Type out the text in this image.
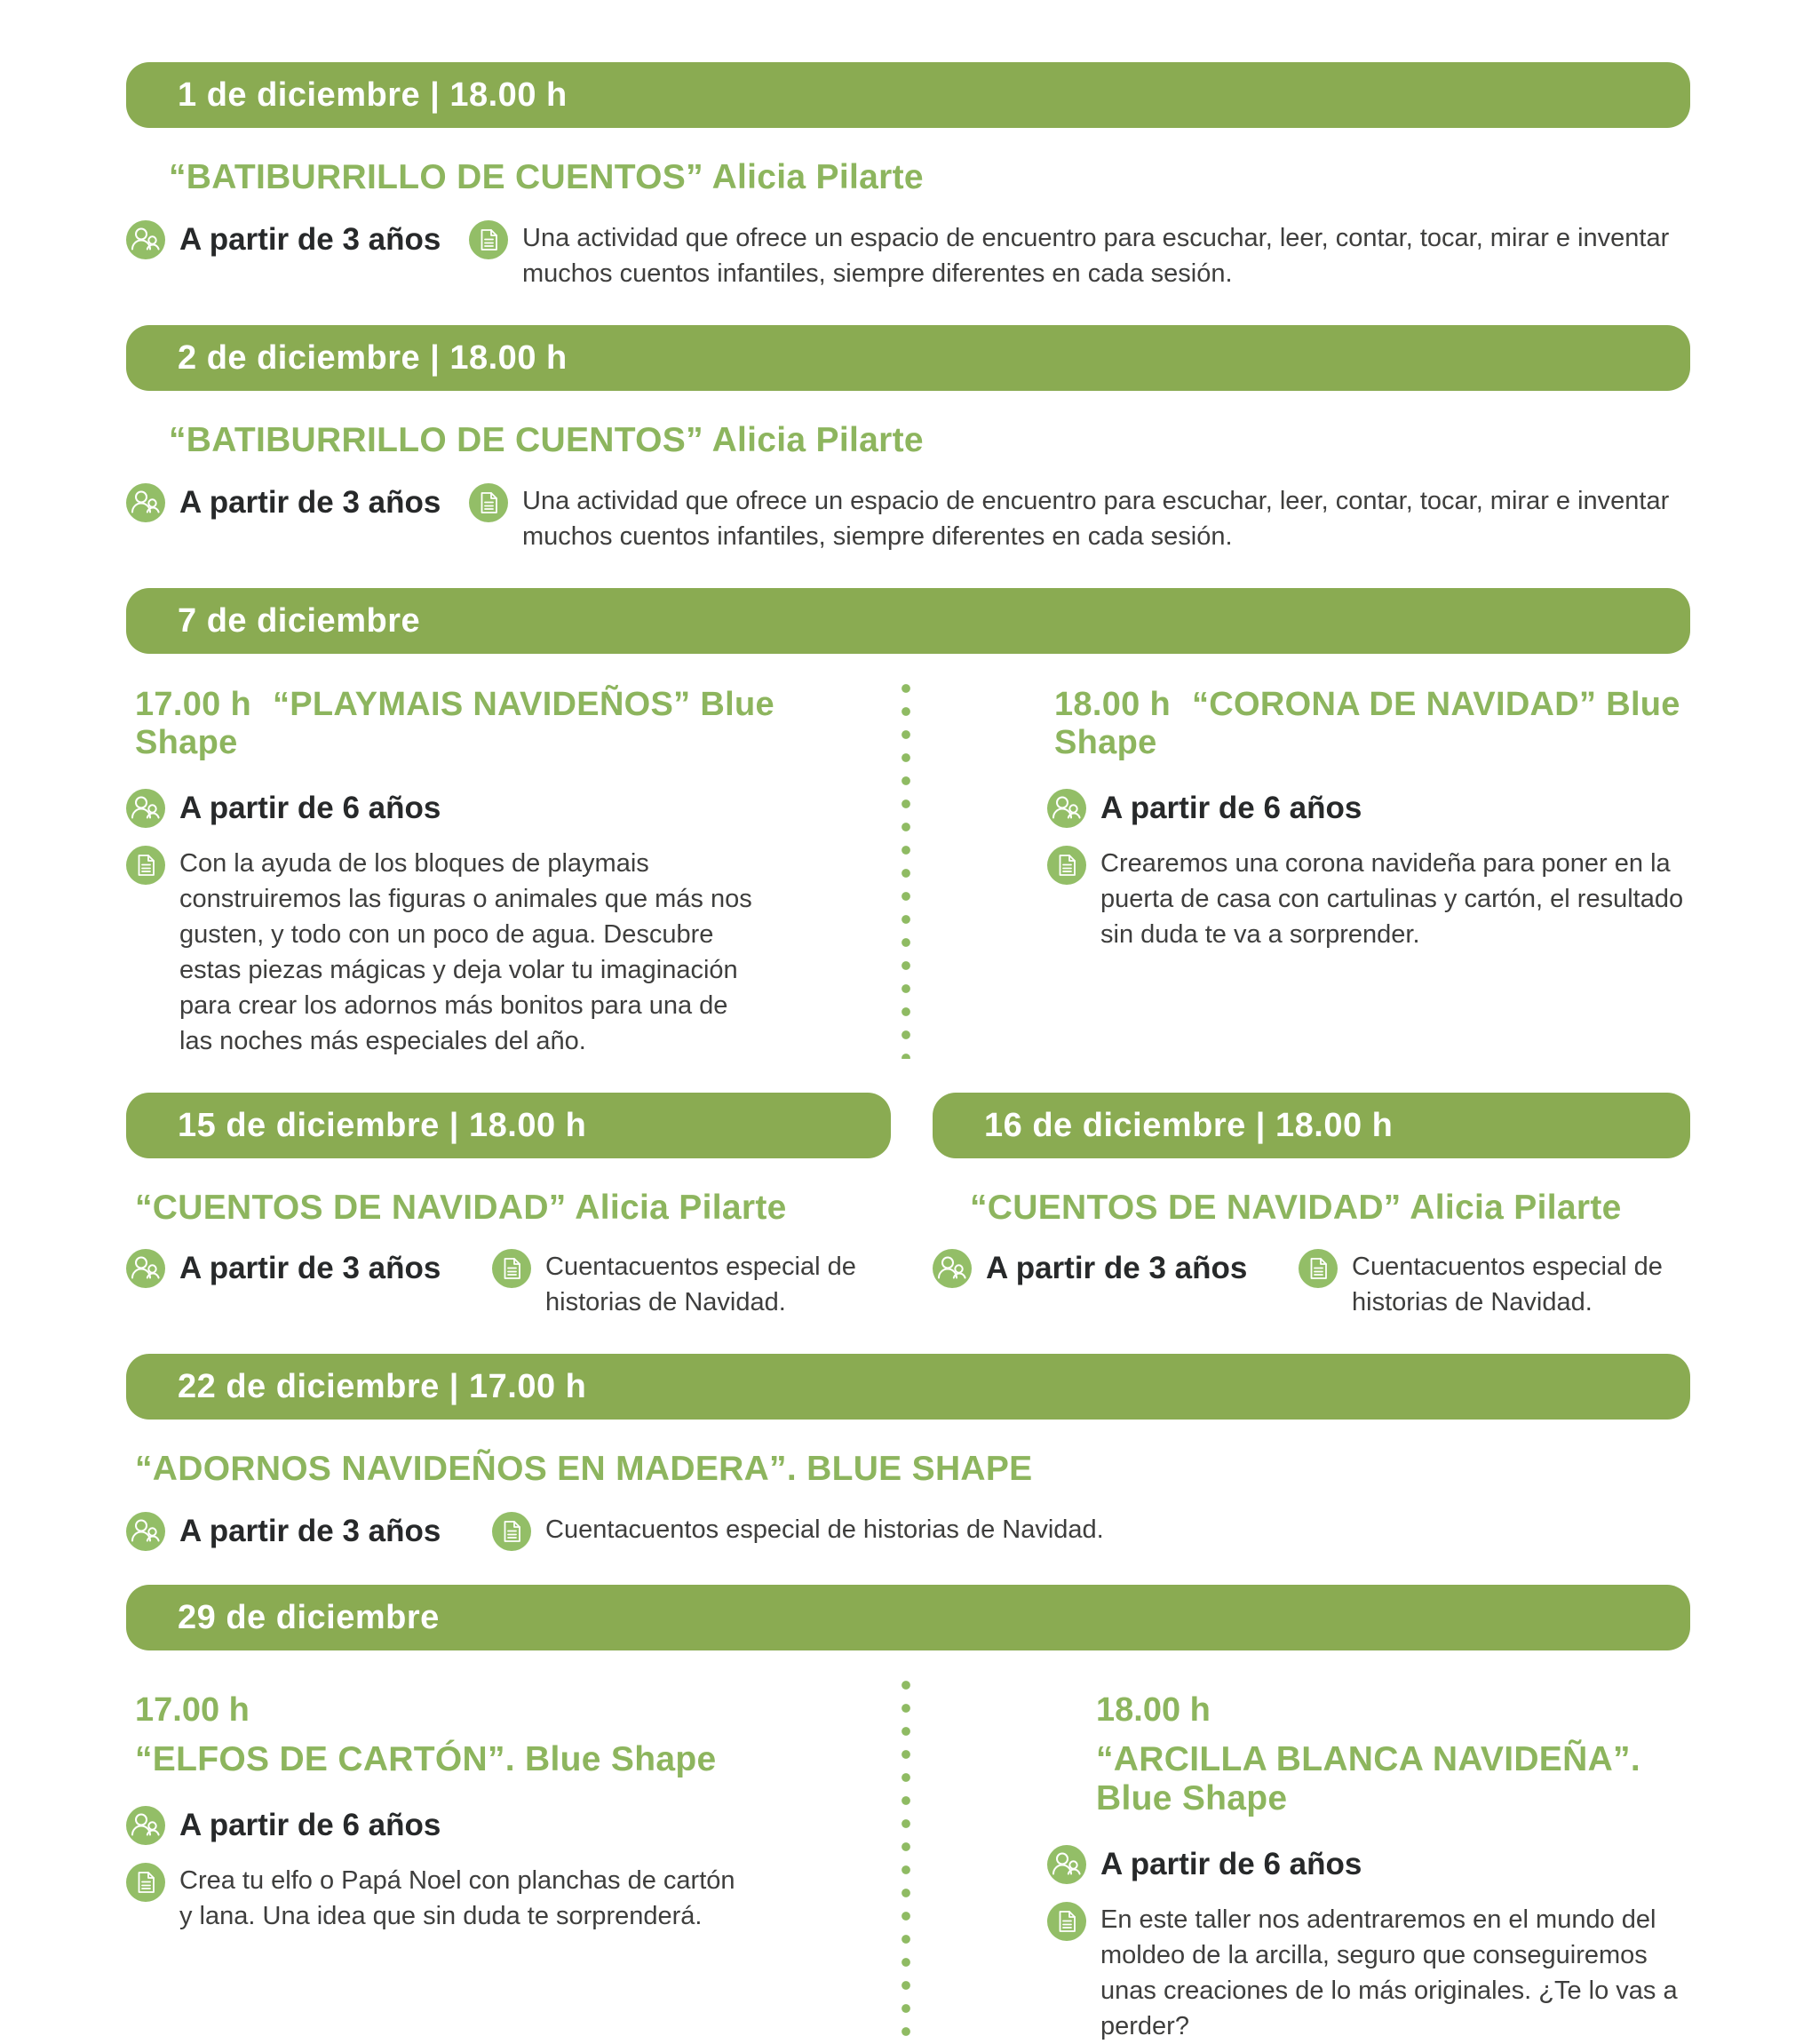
1 de diciembre | 18.00 h
“BATIBURRILLO DE CUENTOS” Alicia Pilarte
A partir de 3 años	Una actividad que ofrece un espacio de encuentro para escuchar, leer, contar, tocar, mirar e inventar muchos cuentos infantiles, siempre diferentes en cada sesión.

2 de diciembre | 18.00 h
“BATIBURRILLO DE CUENTOS” Alicia Pilarte
A partir de 3 años	Una actividad que ofrece un espacio de encuentro para escuchar, leer, contar, tocar, mirar e inventar muchos cuentos infantiles, siempre diferentes en cada sesión.

7 de diciembre
17.00 h “PLAYMAIS NAVIDEÑOS” Blue Shape
A partir de 6 años

Con la ayuda de los bloques de playmais construiremos las figuras o animales que más nos gusten, y todo con un poco de agua. Descubre estas piezas mágicas y deja volar tu imaginación para crear los adornos más bonitos para una de las noches más especiales del año.

18.00 h “CORONA DE NAVIDAD” Blue Shape
A partir de 6 años

Crearemos una corona navideña para poner en la puerta de casa con cartulinas y cartón, el resultado sin duda te va a sorprender.

15 de diciembre | 18.00 h
“CUENTOS DE NAVIDAD” Alicia Pilarte
A partir de 3 años	Cuentacuentos especial de historias de Navidad.

16 de diciembre | 18.00 h
“CUENTOS DE NAVIDAD” Alicia Pilarte
A partir de 3 años	Cuentacuentos especial de historias de Navidad.

22 de diciembre | 17.00 h
“ADORNOS NAVIDEÑOS EN MADERA”. BLUE SHAPE
A partir de 3 años	Cuentacuentos especial de historias de Navidad.

29 de diciembre
17.00 h
“ELFOS DE CARTÓN”. Blue Shape
A partir de 6 años

Crea tu elfo o Papá Noel con planchas de cartón y lana. Una idea que sin duda te sorprenderá.

18.00 h
“ARCILLA BLANCA NAVIDEÑA”. Blue Shape
A partir de 6 años

En este taller nos adentraremos en el mundo del moldeo de la arcilla, seguro que conseguiremos unas creaciones de lo más originales. ¿Te lo vas a perder?
